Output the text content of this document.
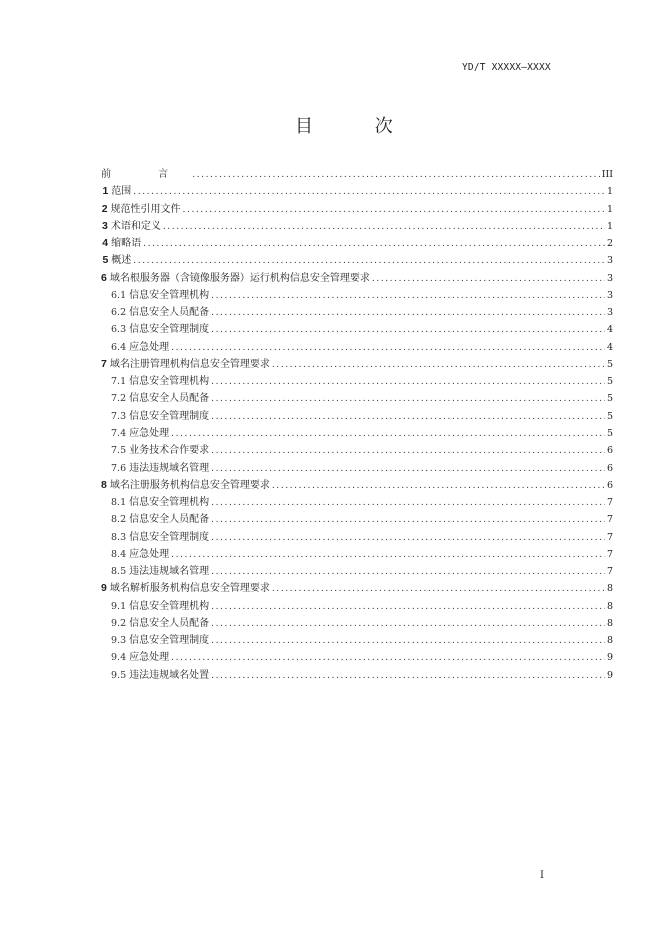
YD/T XXXXX—XXXX
目 次
前 言 .....	III
1 范围 .....	1
2 规范性引用文件 .....	1
3 术语和定义 .....	1
4 缩略语 .....	2
5 概述 .....	3
6 域名根服务器（含镜像服务器）运行机构信息安全管理要求 .....	3
6.1 信息安全管理机构 .....	3
6.2 信息安全人员配备 .....	3
6.3 信息安全管理制度 .....	4
6.4 应急处理 .....	4
7 域名注册管理机构信息安全管理要求 .....	5
7.1 信息安全管理机构 .....	5
7.2 信息安全人员配备 .....	5
7.3 信息安全管理制度 .....	5
7.4 应急处理 .....	5
7.5 业务技术合作要求 .....	6
7.6 违法违规域名管理 .....	6
8 域名注册服务机构信息安全管理要求 .....	6
8.1 信息安全管理机构 .....	7
8.2 信息安全人员配备 .....	7
8.3 信息安全管理制度 .....	7
8.4 应急处理 .....	7
8.5 违法违规域名管理 .....	7
9 域名解析服务机构信息安全管理要求 .....	8
9.1 信息安全管理机构 .....	8
9.2 信息安全人员配备 .....	8
9.3 信息安全管理制度 .....	8
9.4 应急处理 .....	9
9.5 违法违规域名处置 .....	9
I
